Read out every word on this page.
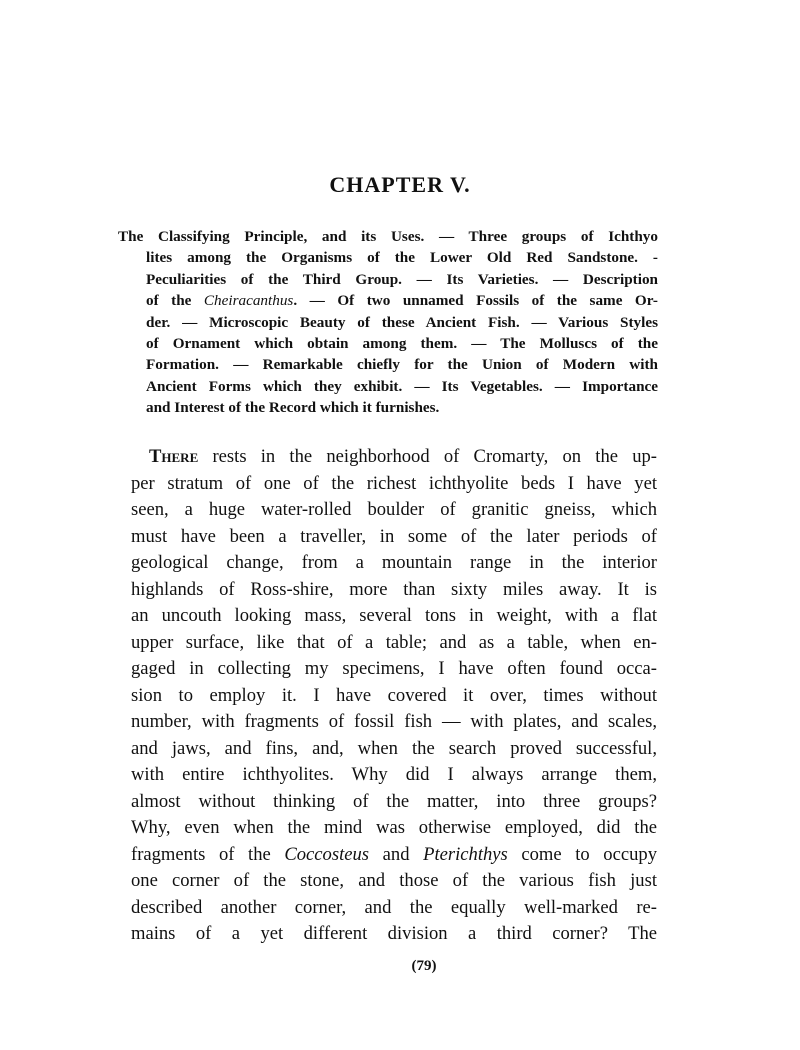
CHAPTER V.
The Classifying Principle, and its Uses. — Three groups of Ichthyo
lites among the Organisms of the Lower Old Red Sandstone. -
Peculiarities of the Third Group. — Its Varieties. — Description
of the Cheiracanthus. — Of two unnamed Fossils of the same Or-
der. — Microscopic Beauty of these Ancient Fish. — Various Styles
of Ornament which obtain among them. — The Molluscs of the
Formation. — Remarkable chiefly for the Union of Modern with
Ancient Forms which they exhibit. — Its Vegetables. — Importance
and Interest of the Record which it furnishes.
There rests in the neighborhood of Cromarty, on the up-
per stratum of one of the richest ichthyolite beds I have yet
seen, a huge water-rolled boulder of granitic gneiss, which
must have been a traveller, in some of the later periods of
geological change, from a mountain range in the interior
highlands of Ross-shire, more than sixty miles away. It is
an uncouth looking mass, several tons in weight, with a flat
upper surface, like that of a table; and as a table, when en-
gaged in collecting my specimens, I have often found occa-
sion to employ it. I have covered it over, times without
number, with fragments of fossil fish — with plates, and scales,
and jaws, and fins, and, when the search proved successful,
with entire ichthyolites. Why did I always arrange them,
almost without thinking of the matter, into three groups?
Why, even when the mind was otherwise employed, did the
fragments of the Coccosteus and Pterichthys come to occupy
one corner of the stone, and those of the various fish just
described another corner, and the equally well-marked re-
mains of a yet different division a third corner? The
(79)
